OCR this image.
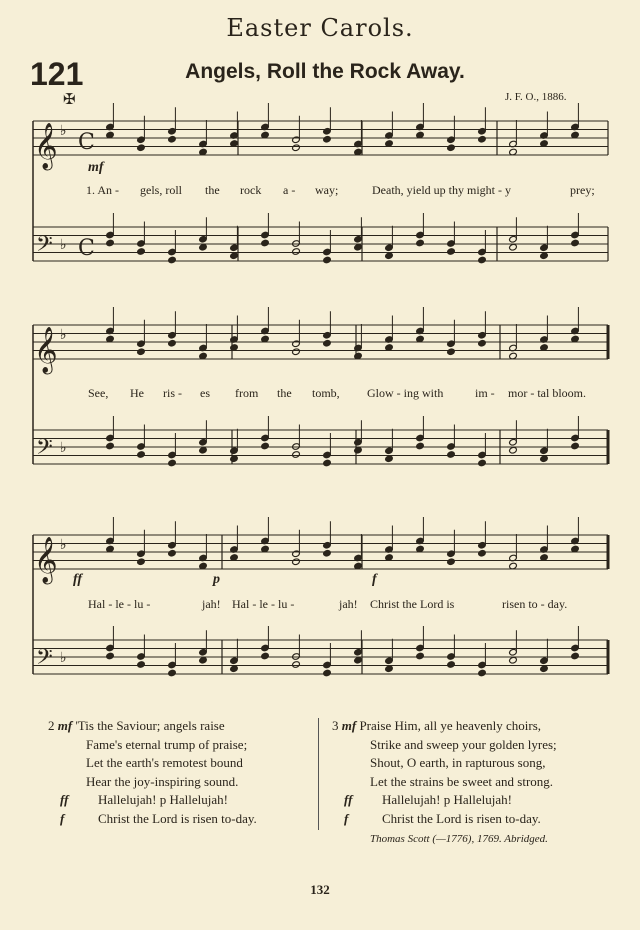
Easter Carols.
121	Angels, Roll the Rock Away.
✠	J. F. O., 1886.
𝄞 ♭ C
𝄢 ♭ C
𝄞 ♭
𝄢 ♭
𝄞 ♭
𝄢 ♭
mf
1. An - gels, roll the rock a - way;	Death, yield up thy might - y	prey;
See, He ris - es from the tomb, Glow - ing with	im - mor - tal bloom.
ff	p	f
Hal - le - lu -	jah! Hal - le - lu -	jah! Christ the Lord is	risen to - day.
2 mf 'Tis the Saviour; angels raise
Fame's eternal trump of praise;
Let the earth's remotest bound
Hear the joy-inspiring sound.
ff Hallelujah! p Hallelujah!
f	Christ the Lord is risen to-day.
3 mf Praise Him, all ye heavenly choirs,
Strike and sweep your golden lyres;
Shout, O earth, in rapturous song,
Let the strains be sweet and strong.
ff Hallelujah! p Hallelujah!
f	Christ the Lord is risen to-day.
Thomas Scott (—1776), 1769. Abridged.
132
